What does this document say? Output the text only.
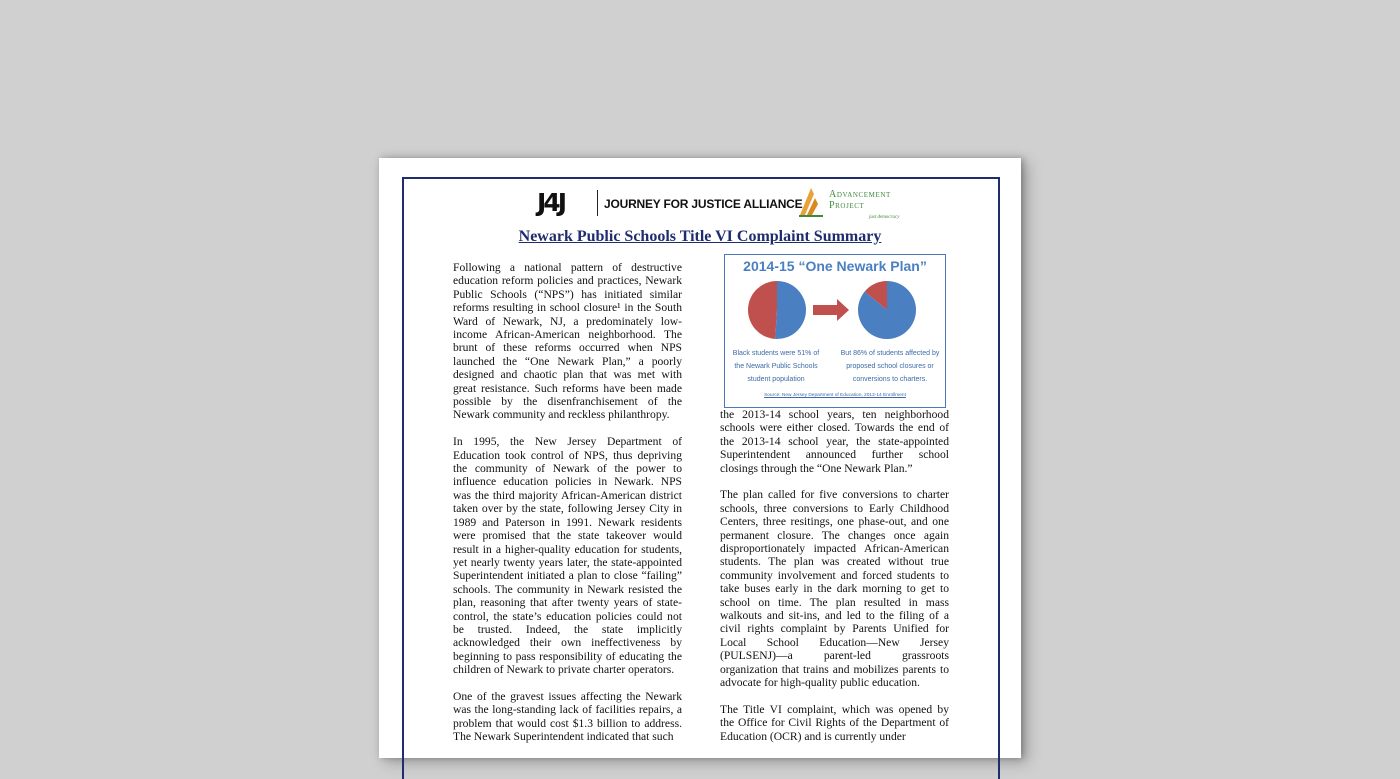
J4J	JOURNEY FOR JUSTICE ALLIANCE
Advancement
Project
just democracy
Newark Public Schools Title VI Complaint Summary

Following a national pattern of destructive education reform policies and practices, Newark Public Schools (“NPS”) has initiated similar reforms resulting in school closure¹ in the South Ward of Newark, NJ, a predominately low-income African-American neighborhood. The brunt of these reforms occurred when NPS launched the “One Newark Plan,” a poorly designed and chaotic plan that was met with great resistance. Such reforms have been made possible by the disenfranchisement of the Newark community and reckless philanthropy.

In 1995, the New Jersey Department of Education took control of NPS, thus depriving the community of Newark of the power to influence education policies in Newark. NPS was the third majority African-American district taken over by the state, following Jersey City in 1989 and Paterson in 1991. Newark residents were promised that the state takeover would result in a higher-quality education for students, yet nearly twenty years later, the state-appointed Superintendent initiated a plan to close “failing” schools. The community in Newark resisted the plan, reasoning that after twenty years of state-control, the state’s education policies could not be trusted. Indeed, the state implicitly acknowledged their own ineffectiveness by beginning to pass responsibility of educating the children of Newark to private charter operators.

One of the gravest issues affecting the Newark was the long-standing lack of facilities repairs, a problem that would cost $1.3 billion to address. The Newark Superintendent indicated that such

2014-15 “One Newark Plan”
Black students were 51% of the Newark Public Schools student population
But 86% of students affected by proposed school closures or conversions to charters.
Source: New Jersey Department of Education, 2013-14 Enrollment

the 2013-14 school years, ten neighborhood schools were either closed. Towards the end of the 2013-14 school year, the state-appointed Superintendent announced further school closings through the “One Newark Plan.”

The plan called for five conversions to charter schools, three conversions to Early Childhood Centers, three resitings, one phase-out, and one permanent closure. The changes once again disproportionately impacted African-American students. The plan was created without true community involvement and forced students to take buses early in the dark morning to get to school on time. The plan resulted in mass walkouts and sit-ins, and led to the filing of a civil rights complaint by Parents Unified for Local School Education—New Jersey (PULSENJ)—a parent-led grassroots organization that trains and mobilizes parents to advocate for high-quality public education.

The Title VI complaint, which was opened by the Office for Civil Rights of the Department of Education (OCR) and is currently under
